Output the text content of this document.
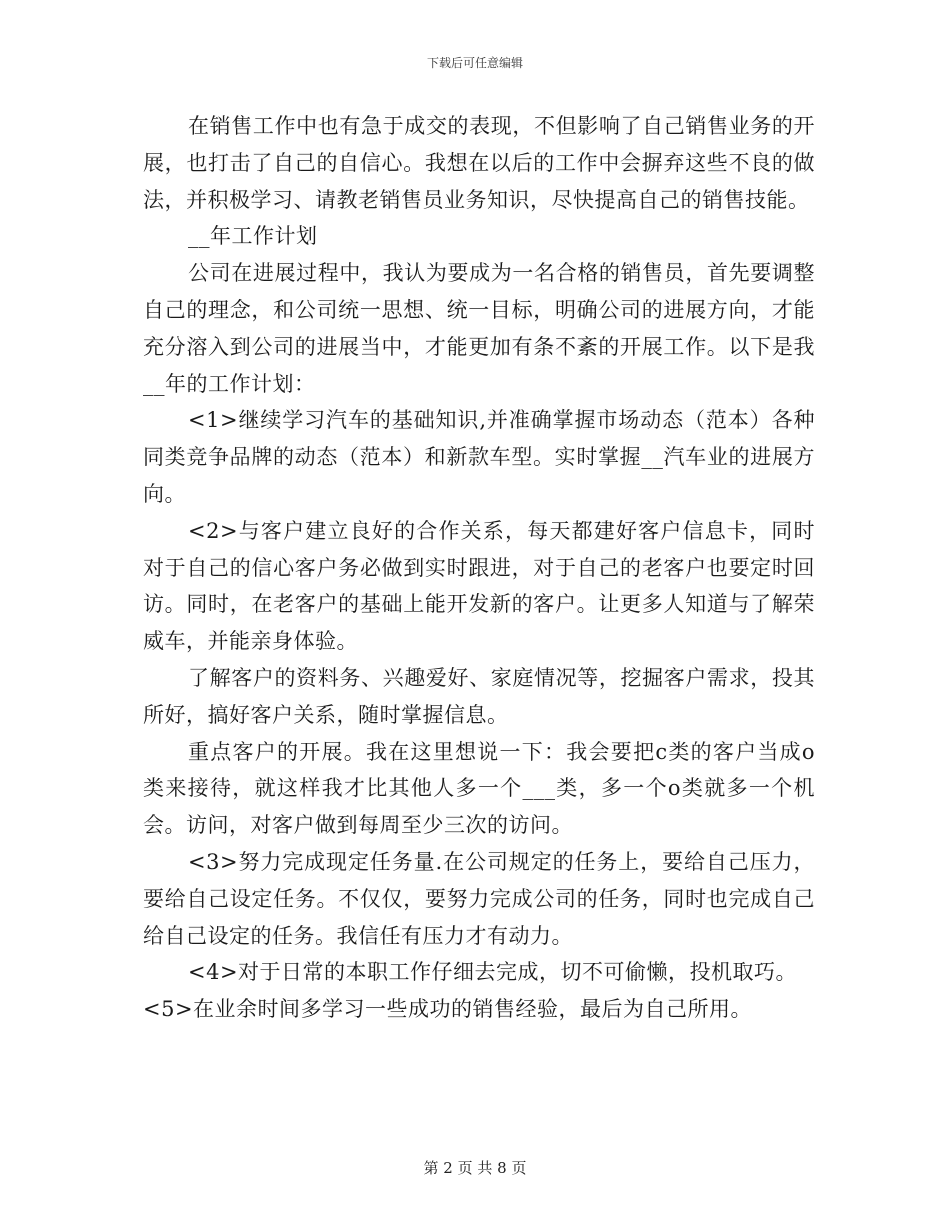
下载后可任意编辑

在销售工作中也有急于成交的表现，不但影响了自己销售业务的开展，也打击了自己的自信心。我想在以后的工作中会摒弃这些不良的做法，并积极学习、请教老销售员业务知识，尽快提高自己的销售技能。

__年工作计划

公司在进展过程中，我认为要成为一名合格的销售员，首先要调整自己的理念，和公司统一思想、统一目标，明确公司的进展方向，才能充分溶入到公司的进展当中，才能更加有条不紊的开展工作。以下是我__年的工作计划：

<1>继续学习汽车的基础知识,并准确掌握市场动态（范本）各种同类竞争品牌的动态（范本）和新款车型。实时掌握__汽车业的进展方向。

<2>与客户建立良好的合作关系，每天都建好客户信息卡，同时对于自己的信心客户务必做到实时跟进，对于自己的老客户也要定时回访。同时，在老客户的基础上能开发新的客户。让更多人知道与了解荣威车，并能亲身体验。

了解客户的资料务、兴趣爱好、家庭情况等，挖掘客户需求，投其所好，搞好客户关系，随时掌握信息。

重点客户的开展。我在这里想说一下：我会要把c类的客户当成o类来接待，就这样我才比其他人多一个___类，多一个o类就多一个机会。访问，对客户做到每周至少三次的访问。

<3>努力完成现定任务量.在公司规定的任务上，要给自己压力，要给自己设定任务。不仅仅，要努力完成公司的任务，同时也完成自己给自己设定的任务。我信任有压力才有动力。

<4>对于日常的本职工作仔细去完成，切不可偷懒，投机取巧。

<5>在业余时间多学习一些成功的销售经验，最后为自己所用。

第 2 页 共 8 页
